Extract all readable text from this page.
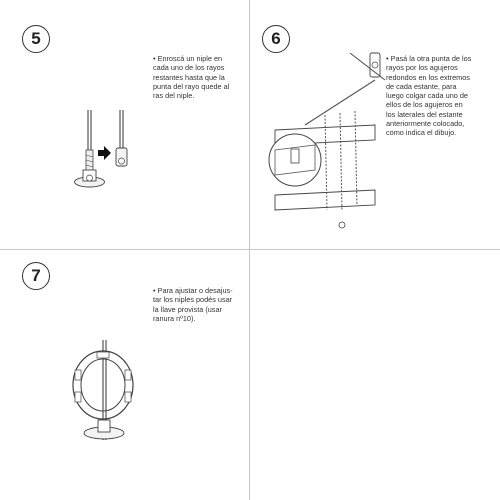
5
• Enroscá un niple en
cada uno de los rayos
restantes hasta que la
punta del rayo quede al
ras del niple.
6
• Pasá la otra punta de los
rayos por los agujeros
redondos en los extremos
de cada estante, para
luego colgar cada uno de
ellos de los agujeros en
los laterales del estante
anteriormente colocado,
como indica el dibujo.
7
• Para ajustar o desajus-
tar los niples podés usar
la llave provista (usar
ranura nº10).
